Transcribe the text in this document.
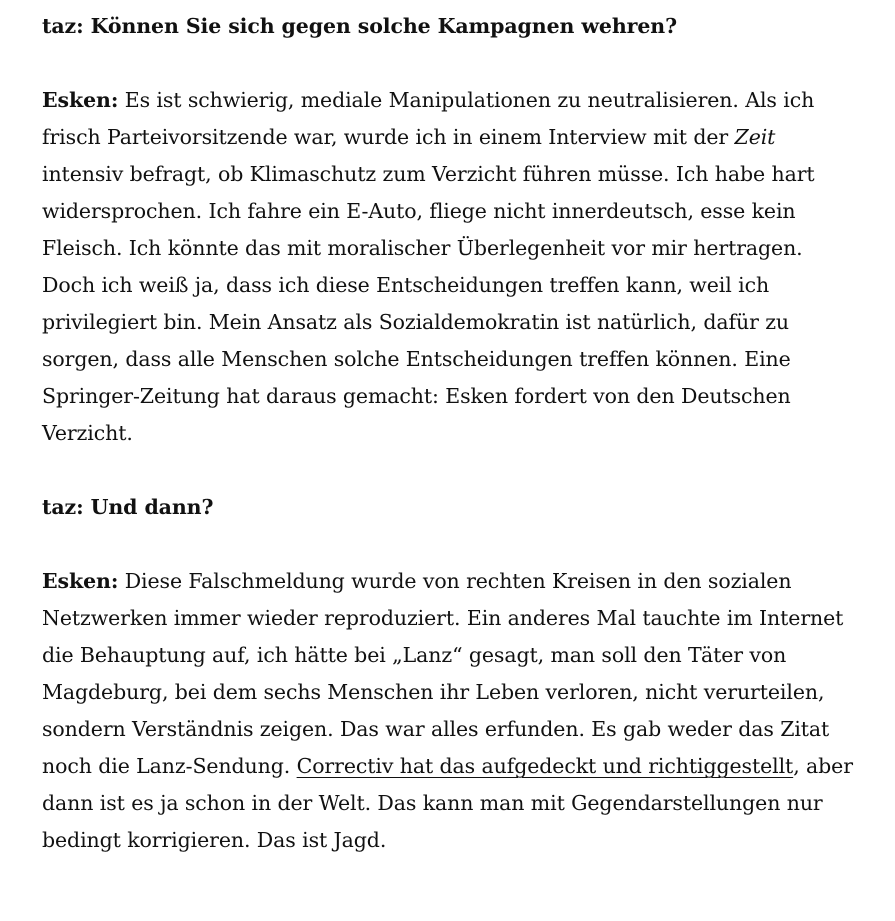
taz: Können Sie sich gegen solche Kampagnen wehren?

Esken: Es ist schwierig, mediale Manipulationen zu neutralisieren. Als ich frisch Parteivorsitzende war, wurde ich in einem Interview mit der Zeit intensiv befragt, ob Klimaschutz zum Verzicht führen müsse. Ich habe hart widersprochen. Ich fahre ein E-Auto, fliege nicht innerdeutsch, esse kein Fleisch. Ich könnte das mit moralischer Überlegenheit vor mir hertragen. Doch ich weiß ja, dass ich diese Entscheidungen treffen kann, weil ich privilegiert bin. Mein Ansatz als Sozialdemokratin ist natürlich, dafür zu sorgen, dass alle Menschen solche Entscheidungen treffen können. Eine Springer-Zeitung hat daraus gemacht: Esken fordert von den Deutschen Verzicht.

taz: Und dann?

Esken: Diese Falschmeldung wurde von rechten Kreisen in den sozialen Netzwerken immer wieder reproduziert. Ein anderes Mal tauchte im Internet die Behauptung auf, ich hätte bei „Lanz“ gesagt, man soll den Täter von Magdeburg, bei dem sechs Menschen ihr Leben verloren, nicht verurteilen, sondern Verständnis zeigen. Das war alles erfunden. Es gab weder das Zitat noch die Lanz-Sendung. Correctiv hat das aufgedeckt und richtiggestellt, aber dann ist es ja schon in der Welt. Das kann man mit Gegendarstellungen nur bedingt korrigieren. Das ist Jagd.
